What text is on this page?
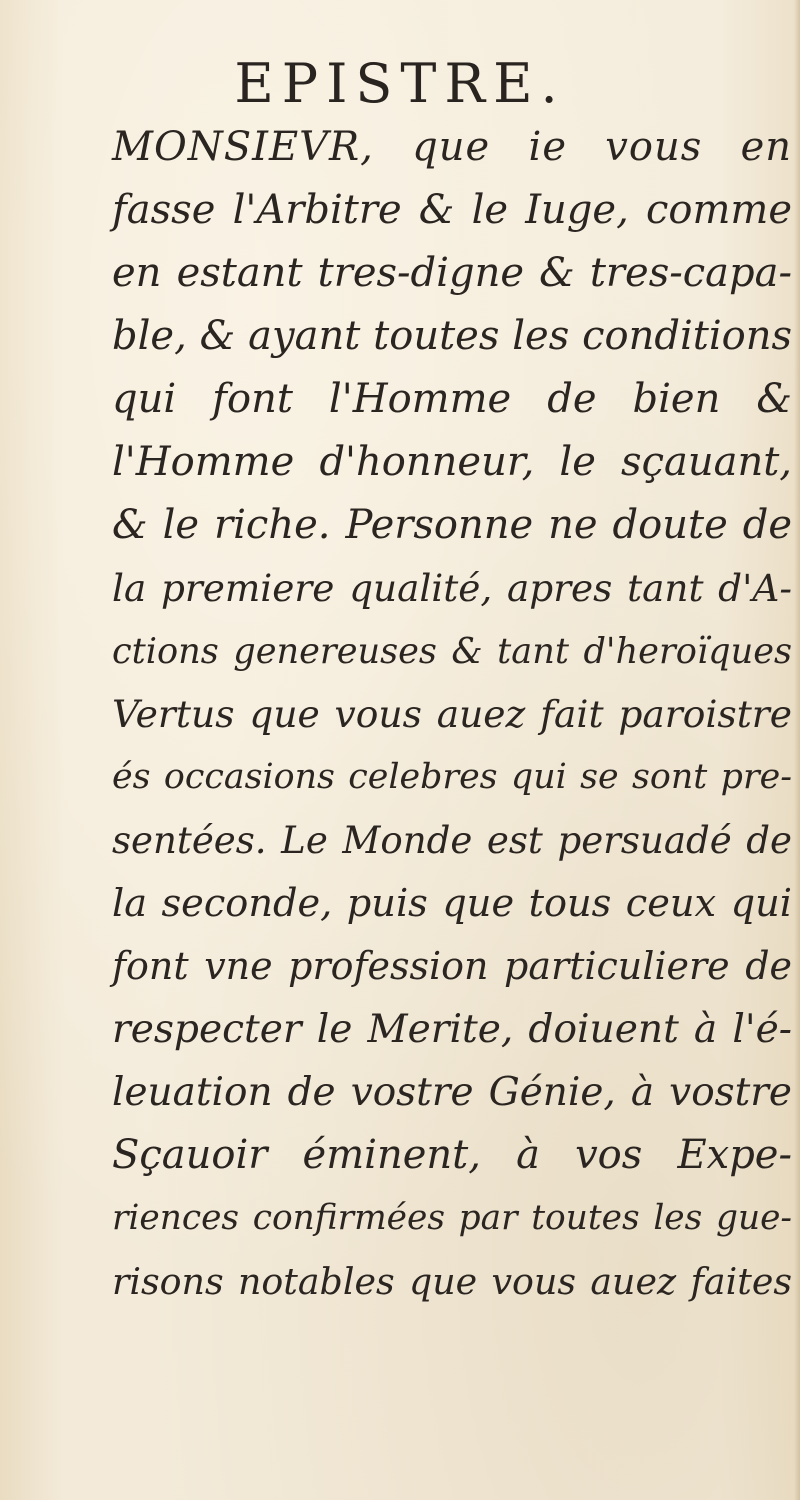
EPISTRE.
MONSIEVR, que ie vous en
fasse l'Arbitre & le Iuge, comme
en estant tres-digne & tres-capa-
ble, & ayant toutes les conditions
qui font l'Homme de bien &
l'Homme d'honneur, le sçauant,
& le riche. Personne ne doute de
la premiere qualité, apres tant d'A-
ctions genereuses & tant d'heroïques
Vertus que vous auez fait paroistre
és occasions celebres qui se sont pre-
sentées. Le Monde est persuadé de
la seconde, puis que tous ceux qui
font vne profession particuliere de
respecter le Merite, doiuent à l'é-
leuation de vostre Génie, à vostre
Sçauoir éminent, à vos Expe-
riences confirmées par toutes les gue-
risons notables que vous auez faites
